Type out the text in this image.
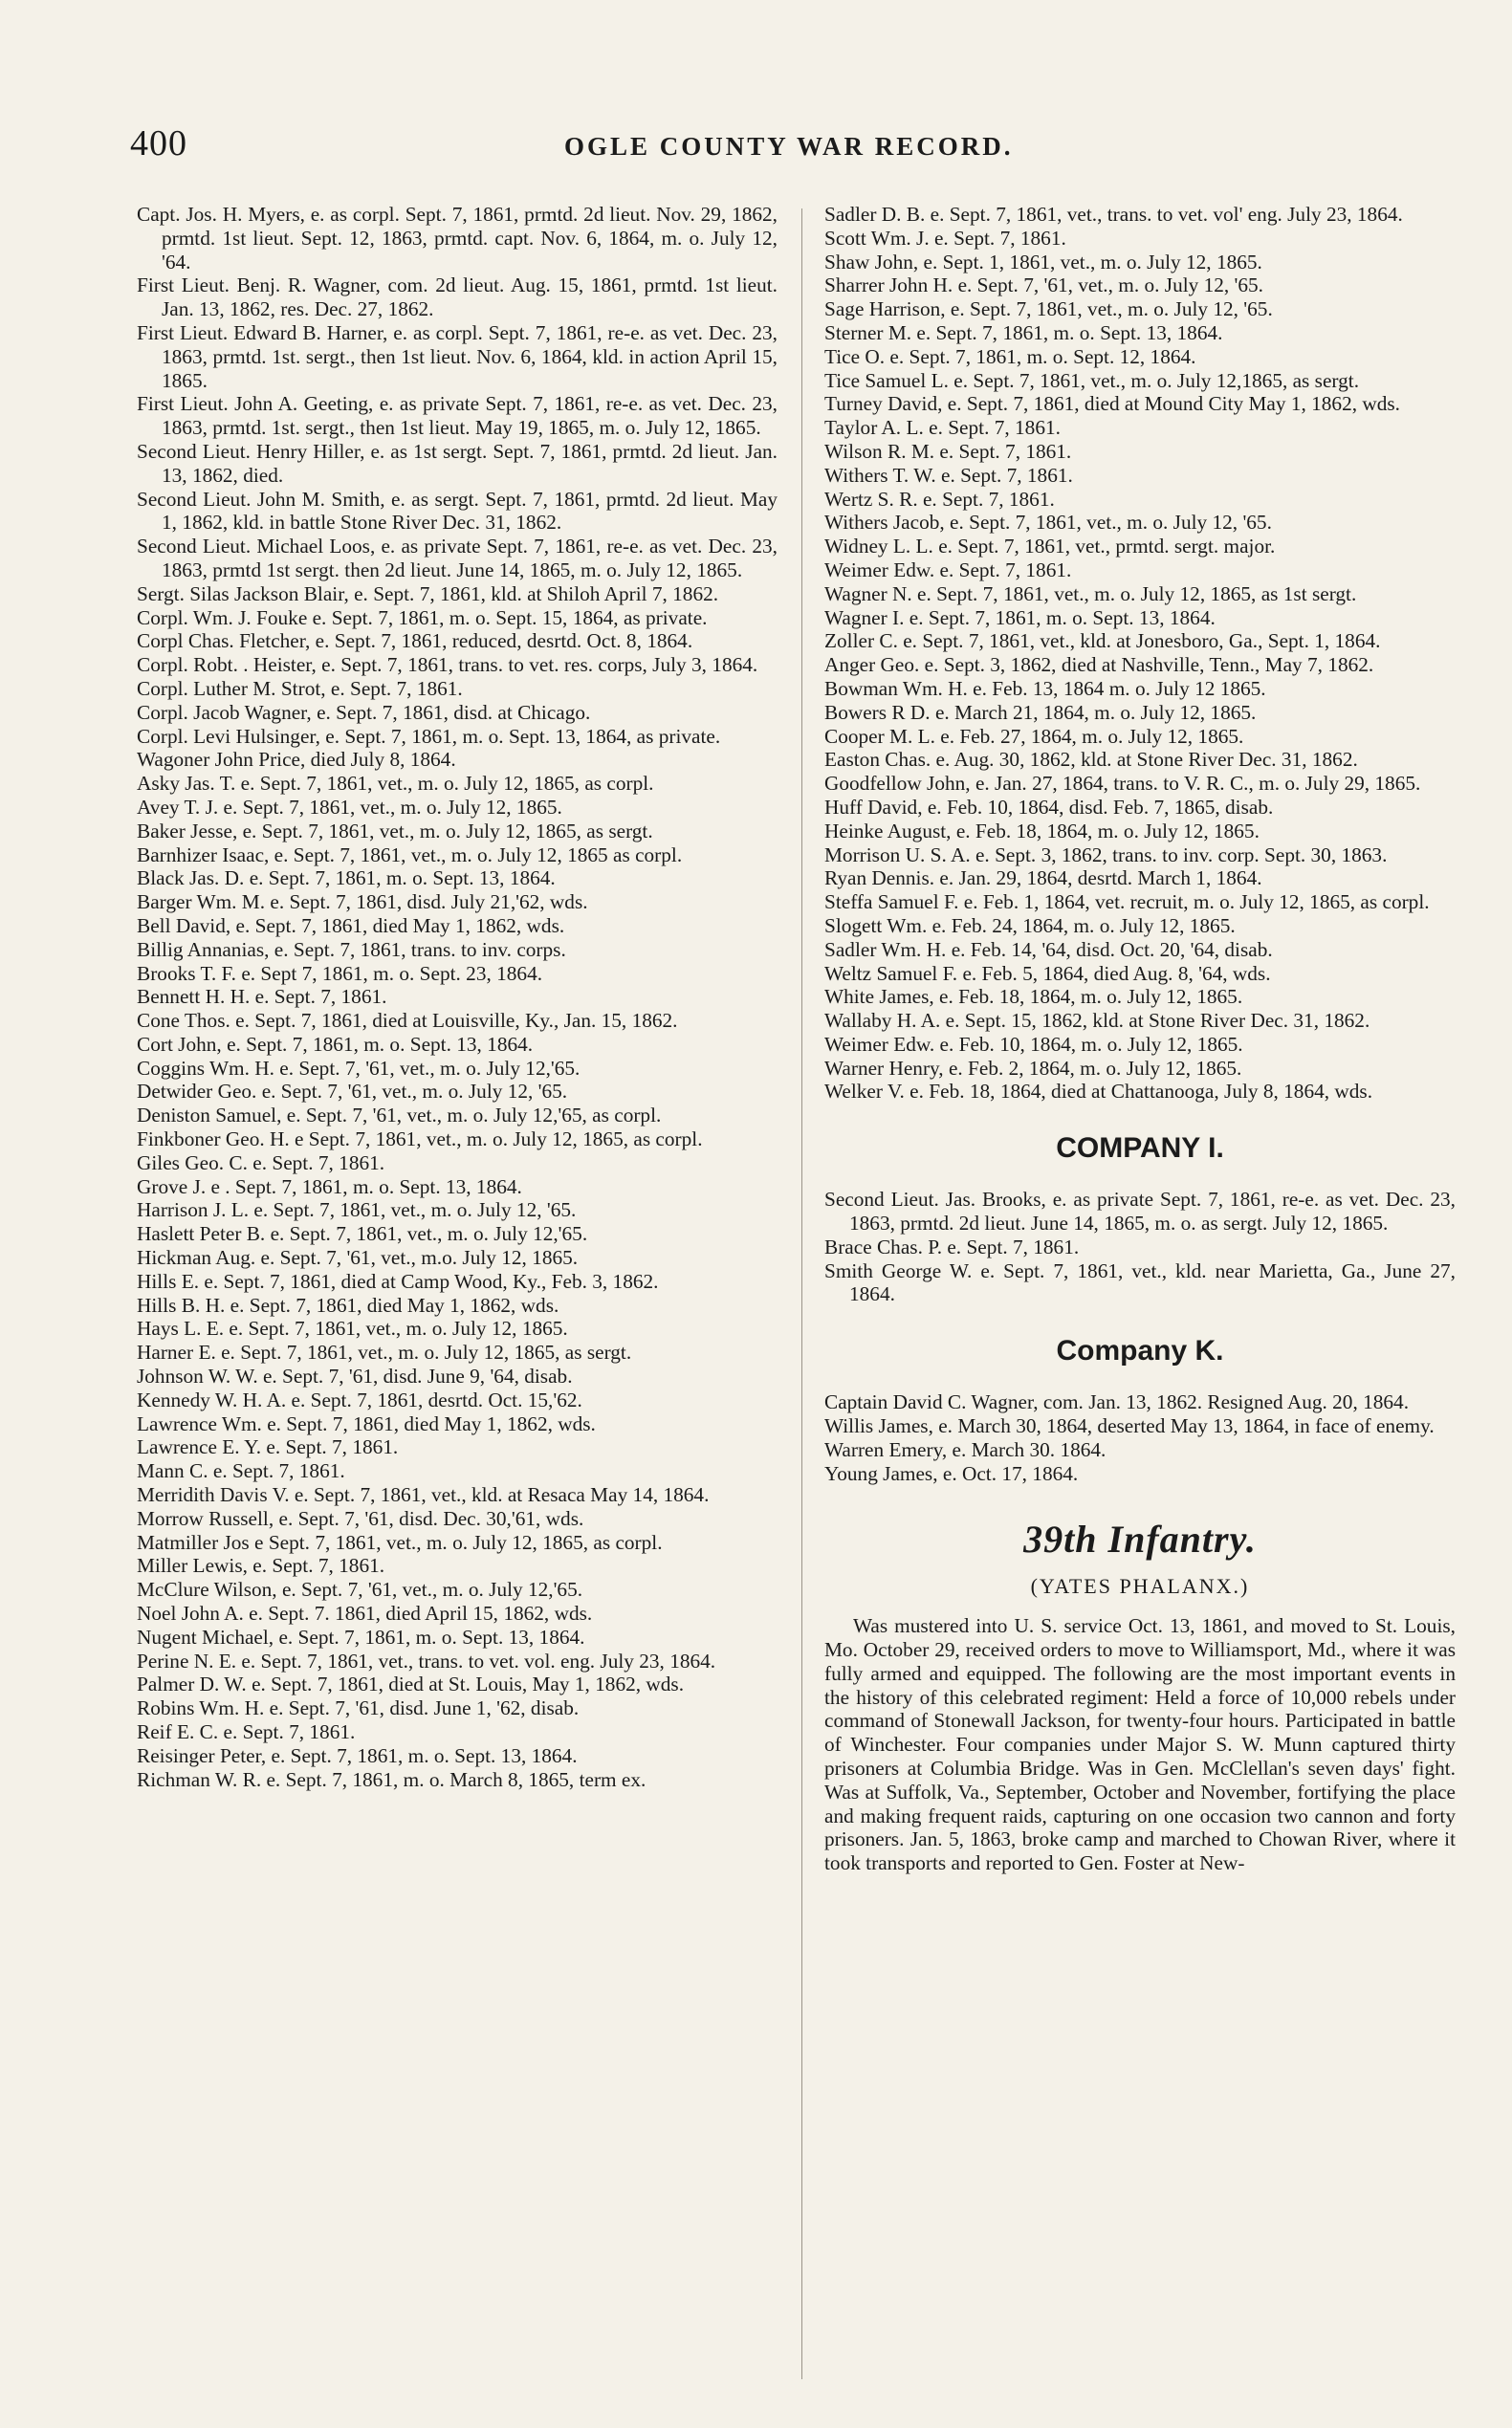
400	OGLE COUNTY WAR RECORD.

Capt. Jos. H. Myers, e. as corpl. Sept. 7, 1861, prmtd. 2d lieut. Nov. 29, 1862, prmtd. 1st lieut. Sept. 12, 1863, prmtd. capt. Nov. 6, 1864, m. o. July 12, '64.

First Lieut. Benj. R. Wagner, com. 2d lieut. Aug. 15, 1861, prmtd. 1st lieut. Jan. 13, 1862, res. Dec. 27, 1862.

First Lieut. Edward B. Harner, e. as corpl. Sept. 7, 1861, re-e. as vet. Dec. 23, 1863, prmtd. 1st. sergt., then 1st lieut. Nov. 6, 1864, kld. in action April 15, 1865.

First Lieut. John A. Geeting, e. as private Sept. 7, 1861, re-e. as vet. Dec. 23, 1863, prmtd. 1st. sergt., then 1st lieut. May 19, 1865, m. o. July 12, 1865.

Second Lieut. Henry Hiller, e. as 1st sergt. Sept. 7, 1861, prmtd. 2d lieut. Jan. 13, 1862, died.

Second Lieut. John M. Smith, e. as sergt. Sept. 7, 1861, prmtd. 2d lieut. May 1, 1862, kld. in battle Stone River Dec. 31, 1862.

Second Lieut. Michael Loos, e. as private Sept. 7, 1861, re-e. as vet. Dec. 23, 1863, prmtd 1st sergt. then 2d lieut. June 14, 1865, m. o. July 12, 1865.

Sergt. Silas Jackson Blair, e. Sept. 7, 1861, kld. at Shiloh April 7, 1862.

Corpl. Wm. J. Fouke e. Sept. 7, 1861, m. o. Sept. 15, 1864, as private.

Corpl Chas. Fletcher, e. Sept. 7, 1861, reduced, desrtd. Oct. 8, 1864.

Corpl. Robt. . Heister, e. Sept. 7, 1861, trans. to vet. res. corps, July 3, 1864.

Corpl. Luther M. Strot, e. Sept. 7, 1861.

Corpl. Jacob Wagner, e. Sept. 7, 1861, disd. at Chicago.

Corpl. Levi Hulsinger, e. Sept. 7, 1861, m. o. Sept. 13, 1864, as private.

Wagoner John Price, died July 8, 1864.

Asky Jas. T. e. Sept. 7, 1861, vet., m. o. July 12, 1865, as corpl.

Avey T. J. e. Sept. 7, 1861, vet., m. o. July 12, 1865.

Baker Jesse, e. Sept. 7, 1861, vet., m. o. July 12, 1865, as sergt.

Barnhizer Isaac, e. Sept. 7, 1861, vet., m. o. July 12, 1865 as corpl.

Black Jas. D. e. Sept. 7, 1861, m. o. Sept. 13, 1864.

Barger Wm. M. e. Sept. 7, 1861, disd. July 21,'62, wds.

Bell David, e. Sept. 7, 1861, died May 1, 1862, wds.

Billig Annanias, e. Sept. 7, 1861, trans. to inv. corps.

Brooks T. F. e. Sept 7, 1861, m. o. Sept. 23, 1864.

Bennett H. H. e. Sept. 7, 1861.

Cone Thos. e. Sept. 7, 1861, died at Louisville, Ky., Jan. 15, 1862.

Cort John, e. Sept. 7, 1861, m. o. Sept. 13, 1864.

Coggins Wm. H. e. Sept. 7, '61, vet., m. o. July 12,'65.

Detwider Geo. e. Sept. 7, '61, vet., m. o. July 12, '65.

Deniston Samuel, e. Sept. 7, '61, vet., m. o. July 12,'65, as corpl.

Finkboner Geo. H. e Sept. 7, 1861, vet., m. o. July 12, 1865, as corpl.

Giles Geo. C. e. Sept. 7, 1861.

Grove J. e . Sept. 7, 1861, m. o. Sept. 13, 1864.

Harrison J. L. e. Sept. 7, 1861, vet., m. o. July 12, '65.

Haslett Peter B. e. Sept. 7, 1861, vet., m. o. July 12,'65.

Hickman Aug. e. Sept. 7, '61, vet., m.o. July 12, 1865.

Hills E. e. Sept. 7, 1861, died at Camp Wood, Ky., Feb. 3, 1862.

Hills B. H. e. Sept. 7, 1861, died May 1, 1862, wds.

Hays L. E. e. Sept. 7, 1861, vet., m. o. July 12, 1865.

Harner E. e. Sept. 7, 1861, vet., m. o. July 12, 1865, as sergt.

Johnson W. W. e. Sept. 7, '61, disd. June 9, '64, disab.

Kennedy W. H. A. e. Sept. 7, 1861, desrtd. Oct. 15,'62.

Lawrence Wm. e. Sept. 7, 1861, died May 1, 1862, wds.

Lawrence E. Y. e. Sept. 7, 1861.

Mann C. e. Sept. 7, 1861.

Merridith Davis V. e. Sept. 7, 1861, vet., kld. at Resaca May 14, 1864.

Morrow Russell, e. Sept. 7, '61, disd. Dec. 30,'61, wds.

Matmiller Jos e Sept. 7, 1861, vet., m. o. July 12, 1865, as corpl.

Miller Lewis, e. Sept. 7, 1861.

McClure Wilson, e. Sept. 7, '61, vet., m. o. July 12,'65.

Noel John A. e. Sept. 7. 1861, died April 15, 1862, wds.

Nugent Michael, e. Sept. 7, 1861, m. o. Sept. 13, 1864.

Perine N. E. e. Sept. 7, 1861, vet., trans. to vet. vol. eng. July 23, 1864.

Palmer D. W. e. Sept. 7, 1861, died at St. Louis, May 1, 1862, wds.

Robins Wm. H. e. Sept. 7, '61, disd. June 1, '62, disab.

Reif E. C. e. Sept. 7, 1861.

Reisinger Peter, e. Sept. 7, 1861, m. o. Sept. 13, 1864.

Richman W. R. e. Sept. 7, 1861, m. o. March 8, 1865, term ex.

Sadler D. B. e. Sept. 7, 1861, vet., trans. to vet. vol' eng. July 23, 1864.

Scott Wm. J. e. Sept. 7, 1861.

Shaw John, e. Sept. 1, 1861, vet., m. o. July 12, 1865.

Sharrer John H. e. Sept. 7, '61, vet., m. o. July 12, '65.

Sage Harrison, e. Sept. 7, 1861, vet., m. o. July 12, '65.

Sterner M. e. Sept. 7, 1861, m. o. Sept. 13, 1864.

Tice O. e. Sept. 7, 1861, m. o. Sept. 12, 1864.

Tice Samuel L. e. Sept. 7, 1861, vet., m. o. July 12,1865, as sergt.

Turney David, e. Sept. 7, 1861, died at Mound City May 1, 1862, wds.

Taylor A. L. e. Sept. 7, 1861.

Wilson R. M. e. Sept. 7, 1861.

Withers T. W. e. Sept. 7, 1861.

Wertz S. R. e. Sept. 7, 1861.

Withers Jacob, e. Sept. 7, 1861, vet., m. o. July 12, '65.

Widney L. L. e. Sept. 7, 1861, vet., prmtd. sergt. major.

Weimer Edw. e. Sept. 7, 1861.

Wagner N. e. Sept. 7, 1861, vet., m. o. July 12, 1865, as 1st sergt.

Wagner I. e. Sept. 7, 1861, m. o. Sept. 13, 1864.

Zoller C. e. Sept. 7, 1861, vet., kld. at Jonesboro, Ga., Sept. 1, 1864.

Anger Geo. e. Sept. 3, 1862, died at Nashville, Tenn., May 7, 1862.

Bowman Wm. H. e. Feb. 13, 1864 m. o. July 12 1865.

Bowers R D. e. March 21, 1864, m. o. July 12, 1865.

Cooper M. L. e. Feb. 27, 1864, m. o. July 12, 1865.

Easton Chas. e. Aug. 30, 1862, kld. at Stone River Dec. 31, 1862.

Goodfellow John, e. Jan. 27, 1864, trans. to V. R. C., m. o. July 29, 1865.

Huff David, e. Feb. 10, 1864, disd. Feb. 7, 1865, disab.

Heinke August, e. Feb. 18, 1864, m. o. July 12, 1865.

Morrison U. S. A. e. Sept. 3, 1862, trans. to inv. corp. Sept. 30, 1863.

Ryan Dennis. e. Jan. 29, 1864, desrtd. March 1, 1864.

Steffa Samuel F. e. Feb. 1, 1864, vet. recruit, m. o. July 12, 1865, as corpl.

Slogett Wm. e. Feb. 24, 1864, m. o. July 12, 1865.

Sadler Wm. H. e. Feb. 14, '64, disd. Oct. 20, '64, disab.

Weltz Samuel F. e. Feb. 5, 1864, died Aug. 8, '64, wds.

White James, e. Feb. 18, 1864, m. o. July 12, 1865.

Wallaby H. A. e. Sept. 15, 1862, kld. at Stone River Dec. 31, 1862.

Weimer Edw. e. Feb. 10, 1864, m. o. July 12, 1865.

Warner Henry, e. Feb. 2, 1864, m. o. July 12, 1865.

Welker V. e. Feb. 18, 1864, died at Chattanooga, July 8, 1864, wds.

COMPANY I.

Second Lieut. Jas. Brooks, e. as private Sept. 7, 1861, re-e. as vet. Dec. 23, 1863, prmtd. 2d lieut. June 14, 1865, m. o. as sergt. July 12, 1865.

Brace Chas. P. e. Sept. 7, 1861.

Smith George W. e. Sept. 7, 1861, vet., kld. near Marietta, Ga., June 27, 1864.

Company K.

Captain David C. Wagner, com. Jan. 13, 1862. Resigned Aug. 20, 1864.

Willis James, e. March 30, 1864, deserted May 13, 1864, in face of enemy.

Warren Emery, e. March 30. 1864.

Young James, e. Oct. 17, 1864.

39th Infantry.
(YATES PHALANX.)

Was mustered into U. S. service Oct. 13, 1861, and moved to St. Louis, Mo. October 29, received orders to move to Williamsport, Md., where it was fully armed and equipped. The following are the most important events in the history of this celebrated regiment: Held a force of 10,000 rebels under command of Stonewall Jackson, for twenty-four hours. Participated in battle of Winchester. Four companies under Major S. W. Munn captured thirty prisoners at Columbia Bridge. Was in Gen. McClellan's seven days' fight. Was at Suffolk, Va., September, October and November, fortifying the place and making frequent raids, capturing on one occasion two cannon and forty prisoners. Jan. 5, 1863, broke camp and marched to Chowan River, where it took transports and reported to Gen. Foster at New-
